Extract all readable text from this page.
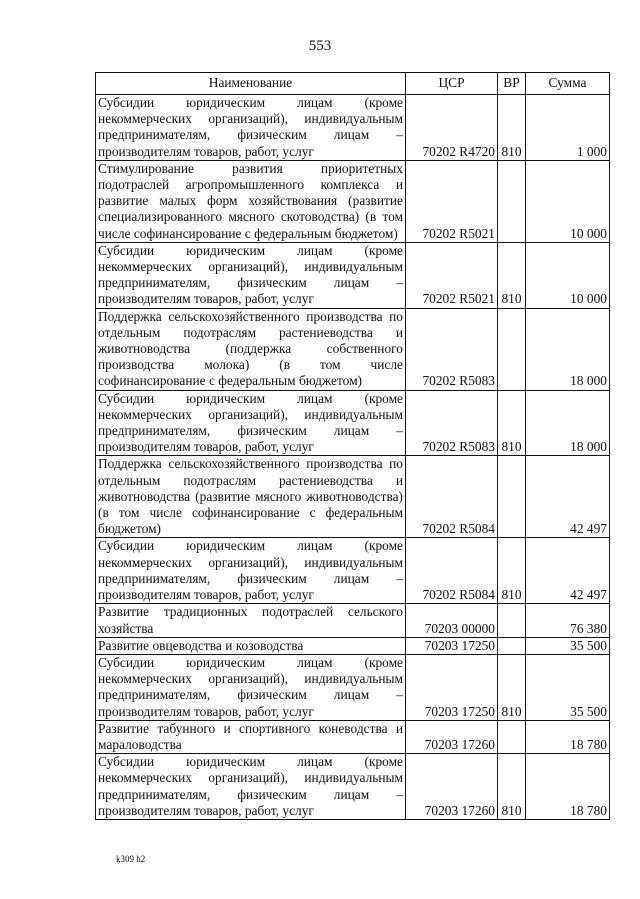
553
Наименование	ЦСР	ВР	Сумма
Субсидии юридическим лицам (кроме некоммерческих организаций), индивидуальным предпринимателям, физическим лицам – производителям товаров, работ, услуг	70202 R4720	810	1 000
Стимулирование развития приоритетных подотраслей агропромышленного комплекса и развитие малых форм хозяйствования (развитие специализированного мясного скотоводства) (в том числе софинансирование с федеральным бюджетом)	70202 R5021		10 000
Субсидии юридическим лицам (кроме некоммерческих организаций), индивидуальным предпринимателям, физическим лицам – производителям товаров, работ, услуг	70202 R5021	810	10 000
Поддержка сельскохозяйственного производства по отдельным подотраслям растениеводства и животноводства (поддержка собственного производства молока) (в том числе софинансирование с федеральным бюджетом)	70202 R5083		18 000
Субсидии юридическим лицам (кроме некоммерческих организаций), индивидуальным предпринимателям, физическим лицам – производителям товаров, работ, услуг	70202 R5083	810	18 000
Поддержка сельскохозяйственного производства по отдельным подотраслям растениеводства и животноводства (развитие мясного животноводства) (в том числе софинансирование с федеральным бюджетом)	70202 R5084		42 497
Субсидии юридическим лицам (кроме некоммерческих организаций), индивидуальным предпринимателям, физическим лицам – производителям товаров, работ, услуг	70202 R5084	810	42 497
Развитие традиционных подотраслей сельского хозяйства	70203 00000		76 380
Развитие овцеводства и козоводства	70203 17250		35 500
Субсидии юридическим лицам (кроме некоммерческих организаций), индивидуальным предпринимателям, физическим лицам – производителям товаров, работ, услуг	70203 17250	810	35 500
Развитие табунного и спортивного коневодства и мараловодства	70203 17260		18 780
Субсидии юридическим лицам (кроме некоммерческих организаций), индивидуальным предпринимателям, физическим лицам – производителям товаров, работ, услуг	70203 17260	810	18 780
k309 h2
